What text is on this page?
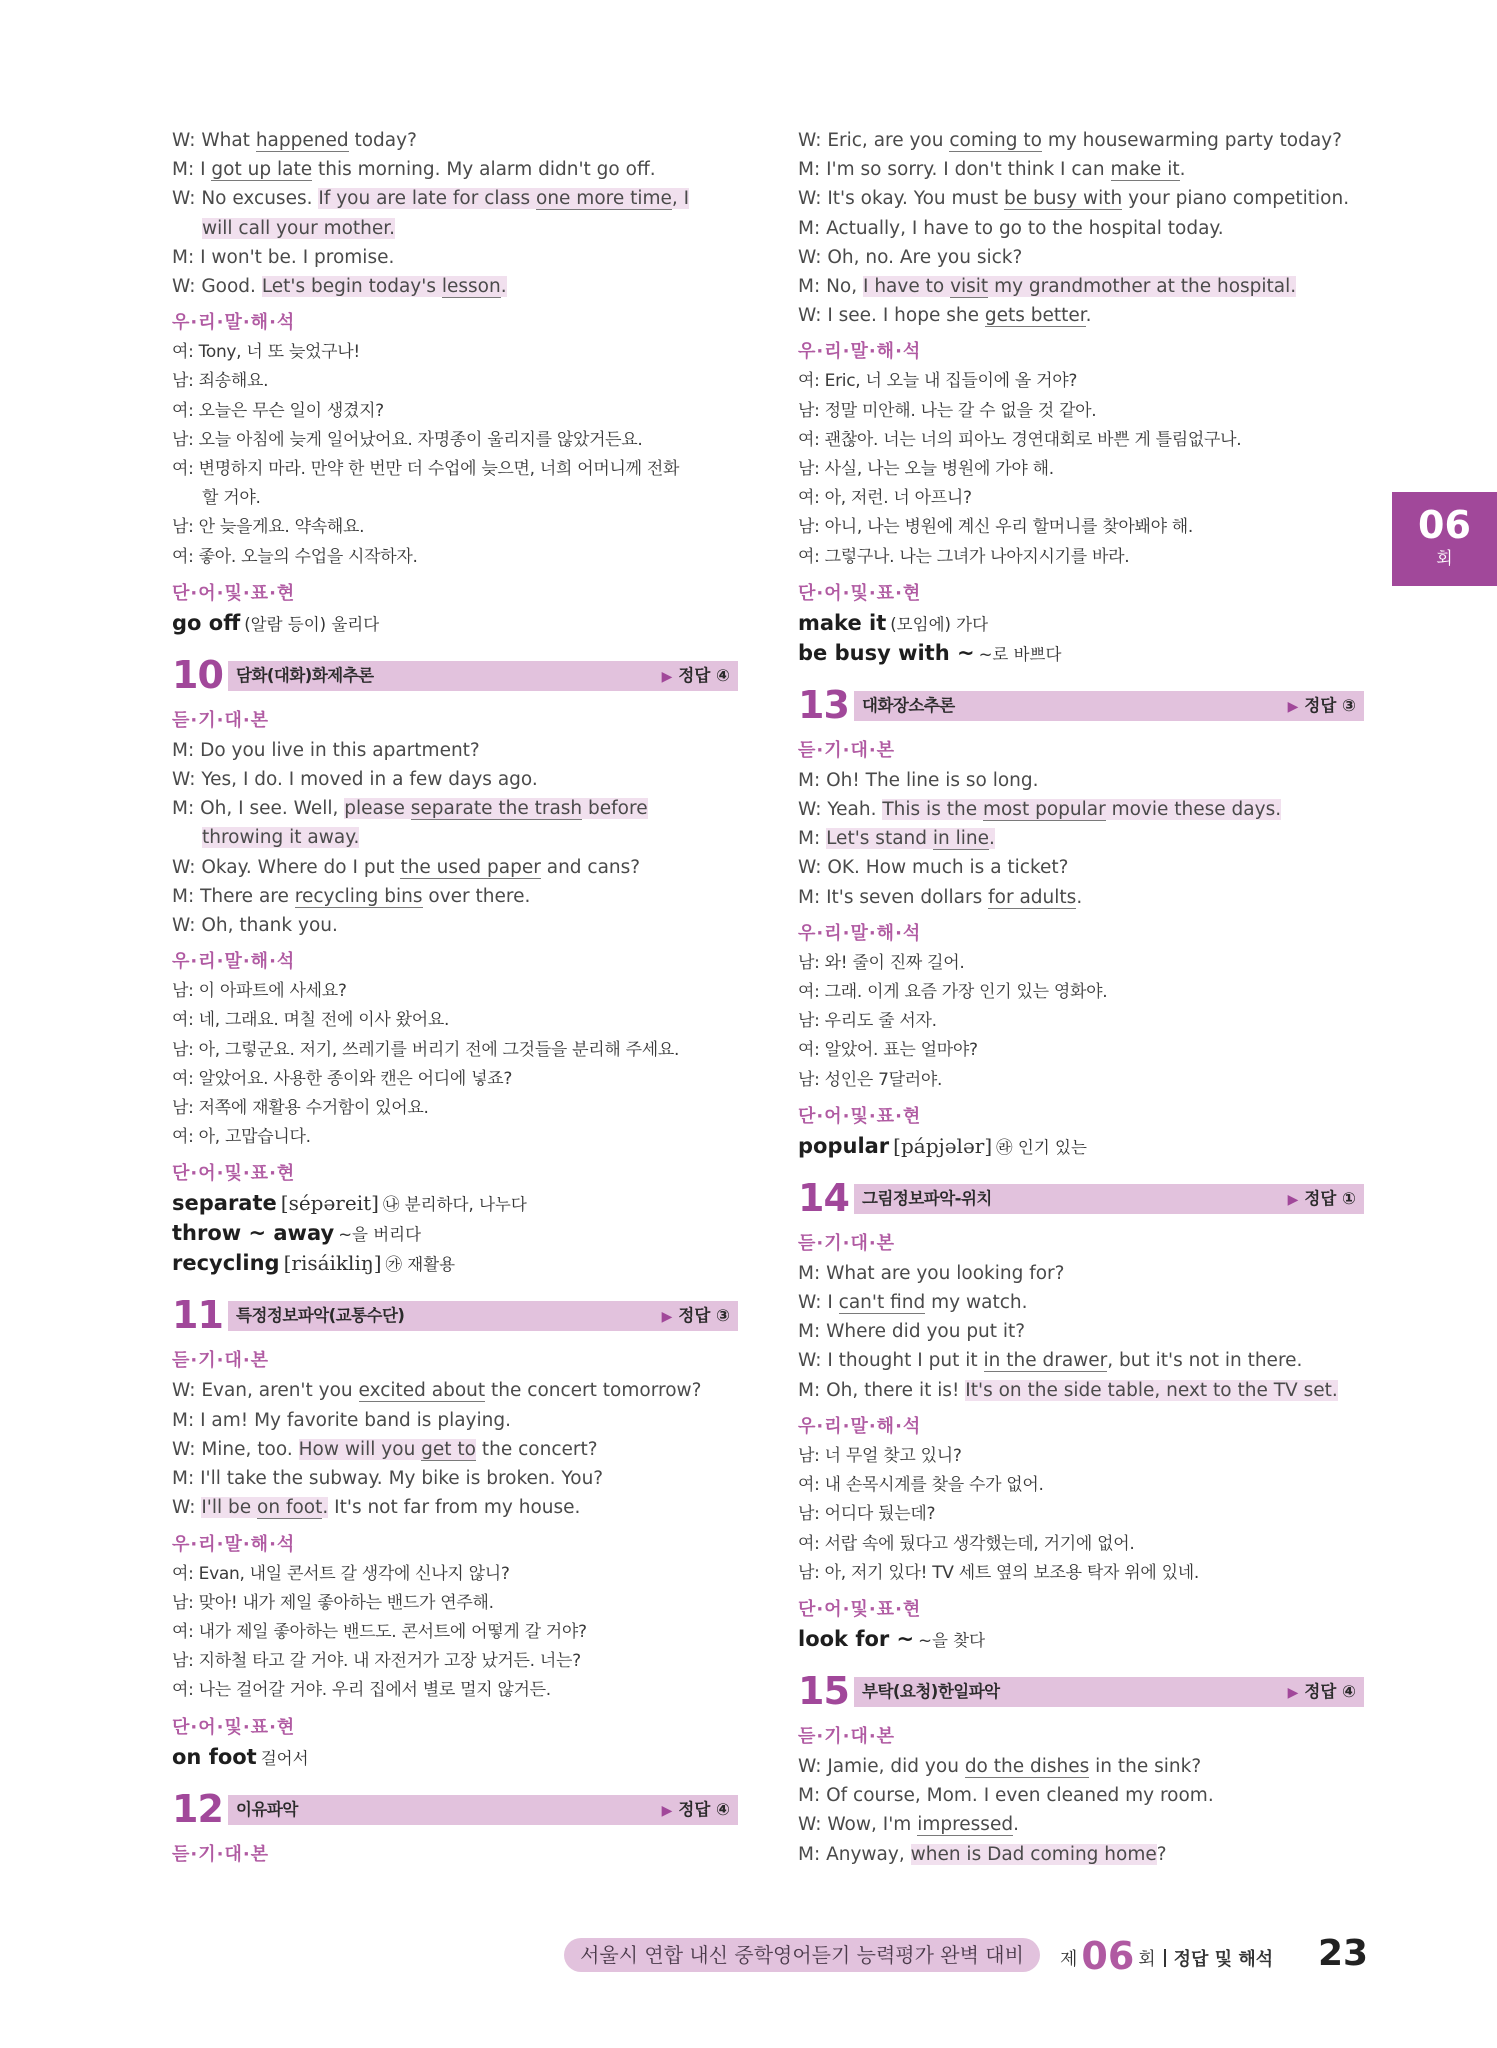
W: What happened today?
M: I got up late this morning. My alarm didn't go off.
W: No excuses. If you are late for class one more time, I
will call your mother.
M: I won't be. I promise.
W: Good. Let's begin today's lesson.
우·리·말·해·석
여: Tony, 너 또 늦었구나!
남: 죄송해요.
여: 오늘은 무슨 일이 생겼지?
남: 오늘 아침에 늦게 일어났어요. 자명종이 울리지를 않았거든요.
여: 변명하지 마라. 만약 한 번만 더 수업에 늦으면, 너희 어머니께 전화
할 거야.
남: 안 늦을게요. 약속해요.
여: 좋아. 오늘의 수업을 시작하자.
단·어·및·표·현
go off (알람 등이) 울리다
10 담화(대화)화제추론	▶ 정답 ④
듣·기·대·본
M: Do you live in this apartment?
W: Yes, I do. I moved in a few days ago.
M: Oh, I see. Well, please separate the trash before
throwing it away.
W: Okay. Where do I put the used paper and cans?
M: There are recycling bins over there.
W: Oh, thank you.
우·리·말·해·석
남: 이 아파트에 사세요?
여: 네, 그래요. 며칠 전에 이사 왔어요.
남: 아, 그렇군요. 저기, 쓰레기를 버리기 전에 그것들을 분리해 주세요.
여: 알았어요. 사용한 종이와 캔은 어디에 넣죠?
남: 저쪽에 재활용 수거함이 있어요.
여: 아, 고맙습니다.
단·어·및·표·현
separate [sépəreit] ㉯ 분리하다, 나누다
throw ~ away ~을 버리다
recycling [risáikliŋ] ㉮ 재활용
11 특정정보파악(교통수단)	▶ 정답 ③
듣·기·대·본
W: Evan, aren't you excited about the concert tomorrow?
M: I am! My favorite band is playing.
W: Mine, too. How will you get to the concert?
M: I'll take the subway. My bike is broken. You?
W: I'll be on foot. It's not far from my house.
우·리·말·해·석
여: Evan, 내일 콘서트 갈 생각에 신나지 않니?
남: 맞아! 내가 제일 좋아하는 밴드가 연주해.
여: 내가 제일 좋아하는 밴드도. 콘서트에 어떻게 갈 거야?
남: 지하철 타고 갈 거야. 내 자전거가 고장 났거든. 너는?
여: 나는 걸어갈 거야. 우리 집에서 별로 멀지 않거든.
단·어·및·표·현
on foot 걸어서
12 이유파악	▶ 정답 ④
듣·기·대·본
W: Eric, are you coming to my housewarming party today?
M: I'm so sorry. I don't think I can make it.
W: It's okay. You must be busy with your piano competition.
M: Actually, I have to go to the hospital today.
W: Oh, no. Are you sick?
M: No, I have to visit my grandmother at the hospital.
W: I see. I hope she gets better.
우·리·말·해·석
여: Eric, 너 오늘 내 집들이에 올 거야?
남: 정말 미안해. 나는 갈 수 없을 것 같아.
여: 괜찮아. 너는 너의 피아노 경연대회로 바쁜 게 틀림없구나.
남: 사실, 나는 오늘 병원에 가야 해.
여: 아, 저런. 너 아프니?
남: 아니, 나는 병원에 계신 우리 할머니를 찾아봬야 해.
여: 그렇구나. 나는 그녀가 나아지시기를 바라.
단·어·및·표·현
make it (모임에) 가다
be busy with ~ ~로 바쁘다
13 대화장소추론	▶ 정답 ③
듣·기·대·본
M: Oh! The line is so long.
W: Yeah. This is the most popular movie these days.
M: Let's stand in line.
W: OK. How much is a ticket?
M: It's seven dollars for adults.
우·리·말·해·석
남: 와! 줄이 진짜 길어.
여: 그래. 이게 요즘 가장 인기 있는 영화야.
남: 우리도 줄 서자.
여: 알았어. 표는 얼마야?
남: 성인은 7달러야.
단·어·및·표·현
popular [pápjələr] ㉱ 인기 있는
14 그림정보파악-위치	▶ 정답 ①
듣·기·대·본
M: What are you looking for?
W: I can't find my watch.
M: Where did you put it?
W: I thought I put it in the drawer, but it's not in there.
M: Oh, there it is! It's on the side table, next to the TV set.
우·리·말·해·석
남: 너 무얼 찾고 있니?
여: 내 손목시계를 찾을 수가 없어.
남: 어디다 뒀는데?
여: 서랍 속에 뒀다고 생각했는데, 거기에 없어.
남: 아, 저기 있다! TV 세트 옆의 보조용 탁자 위에 있네.
단·어·및·표·현
look for ~ ~을 찾다
15 부탁(요청)한일파악	▶ 정답 ④
듣·기·대·본
W: Jamie, did you do the dishes in the sink?
M: Of course, Mom. I even cleaned my room.
W: Wow, I'm impressed.
M: Anyway, when is Dad coming home?
06
회
서울시 연합 내신 중학영어듣기 능력평가 완벽 대비	제 06 회 정답 및 해석 23
